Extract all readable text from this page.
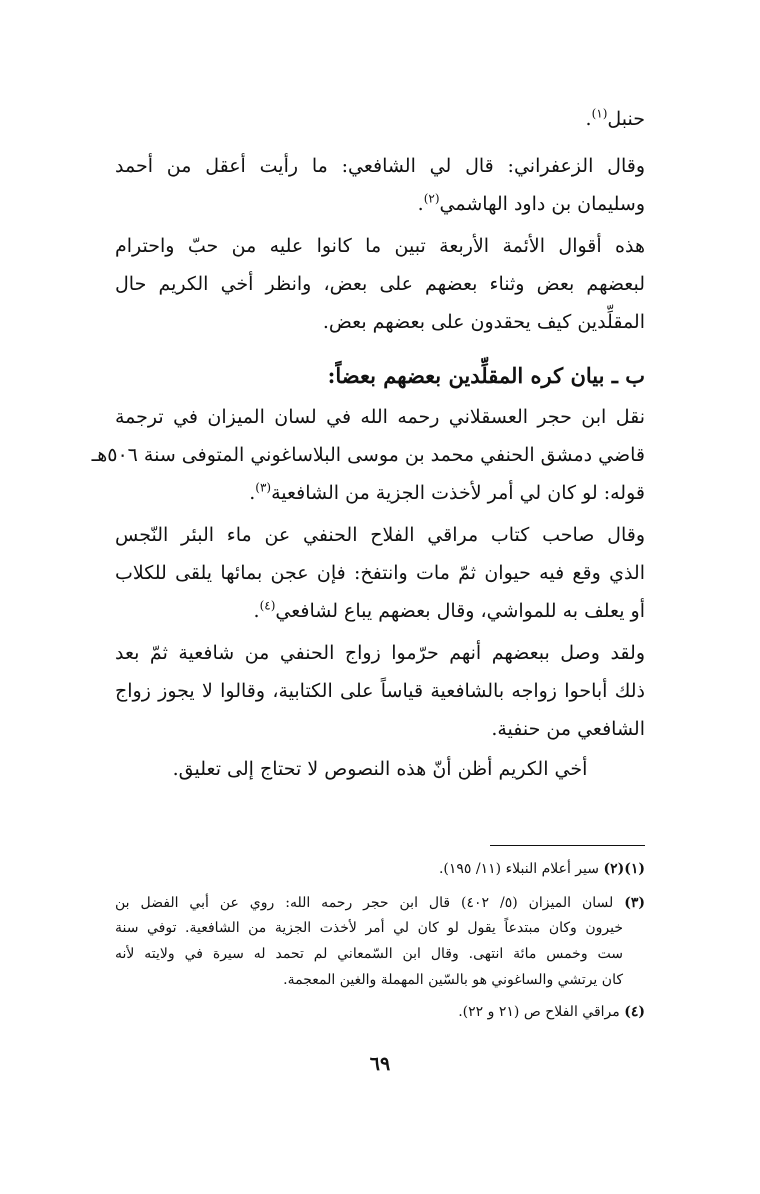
حنبل$^{(١)}$.
وقال الزعفراني: قال لي الشافعي: ما رأيت أعقل من أحمد
وسليمان بن داود الهاشمي$^{(٢)}$.
هذه أقوال الأئمة الأربعة تبين ما كانوا عليه من حبّ واحترام
لبعضهم بعض وثناء بعضهم على بعض، وانظر أخي الكريم حال
المقلِّدين كيف يحقدون على بعضهم بعض.
ب ـ بيان كره المقلِّدين بعضهم بعضاً:
نقل ابن حجر العسقلاني رحمه الله في لسان الميزان في ترجمة
قاضي دمشق الحنفي محمد بن موسى البلاساغوني المتوفى سنة ٥٠٦هـ
قوله: لو كان لي أمر لأخذت الجزية من الشافعية$^{(٣)}$.
وقال صاحب كتاب مراقي الفلاح الحنفي عن ماء البئر النّجس
الذي وقع فيه حيوان ثمّ مات وانتفخ: فإن عجن بمائها يلقى للكلاب
أو يعلف به للمواشي، وقال بعضهم يباع لشافعي$^{(٤)}$.
ولقد وصل ببعضهم أنهم حرّموا زواج الحنفي من شافعية ثمّ بعد
ذلك أباحوا زواجه بالشافعية قياساً على الكتابية، وقالوا لا يجوز زواج
الشافعي من حنفية.
أخي الكريم أظن أنّ هذه النصوص لا تحتاج إلى تعليق.
(١)(٢) سير أعلام النبلاء (١١/ ١٩٥).
(٣) لسان الميزان (٥/ ٤٠٢) قال ابن حجر رحمه الله: روي عن أبي الفضل بن
خيرون وكان مبتدعاً يقول لو كان لي أمر لأخذت الجزية من الشافعية. توفي سنة
ست وخمس مائة انتهى. وقال ابن السّمعاني لم تحمد له سيرة في ولايته لأنه
كان يرتشي والساغوني هو بالسّين المهملة والغين المعجمة.
(٤) مراقي الفلاح ص (٢١ و ٢٢).
٦٩
